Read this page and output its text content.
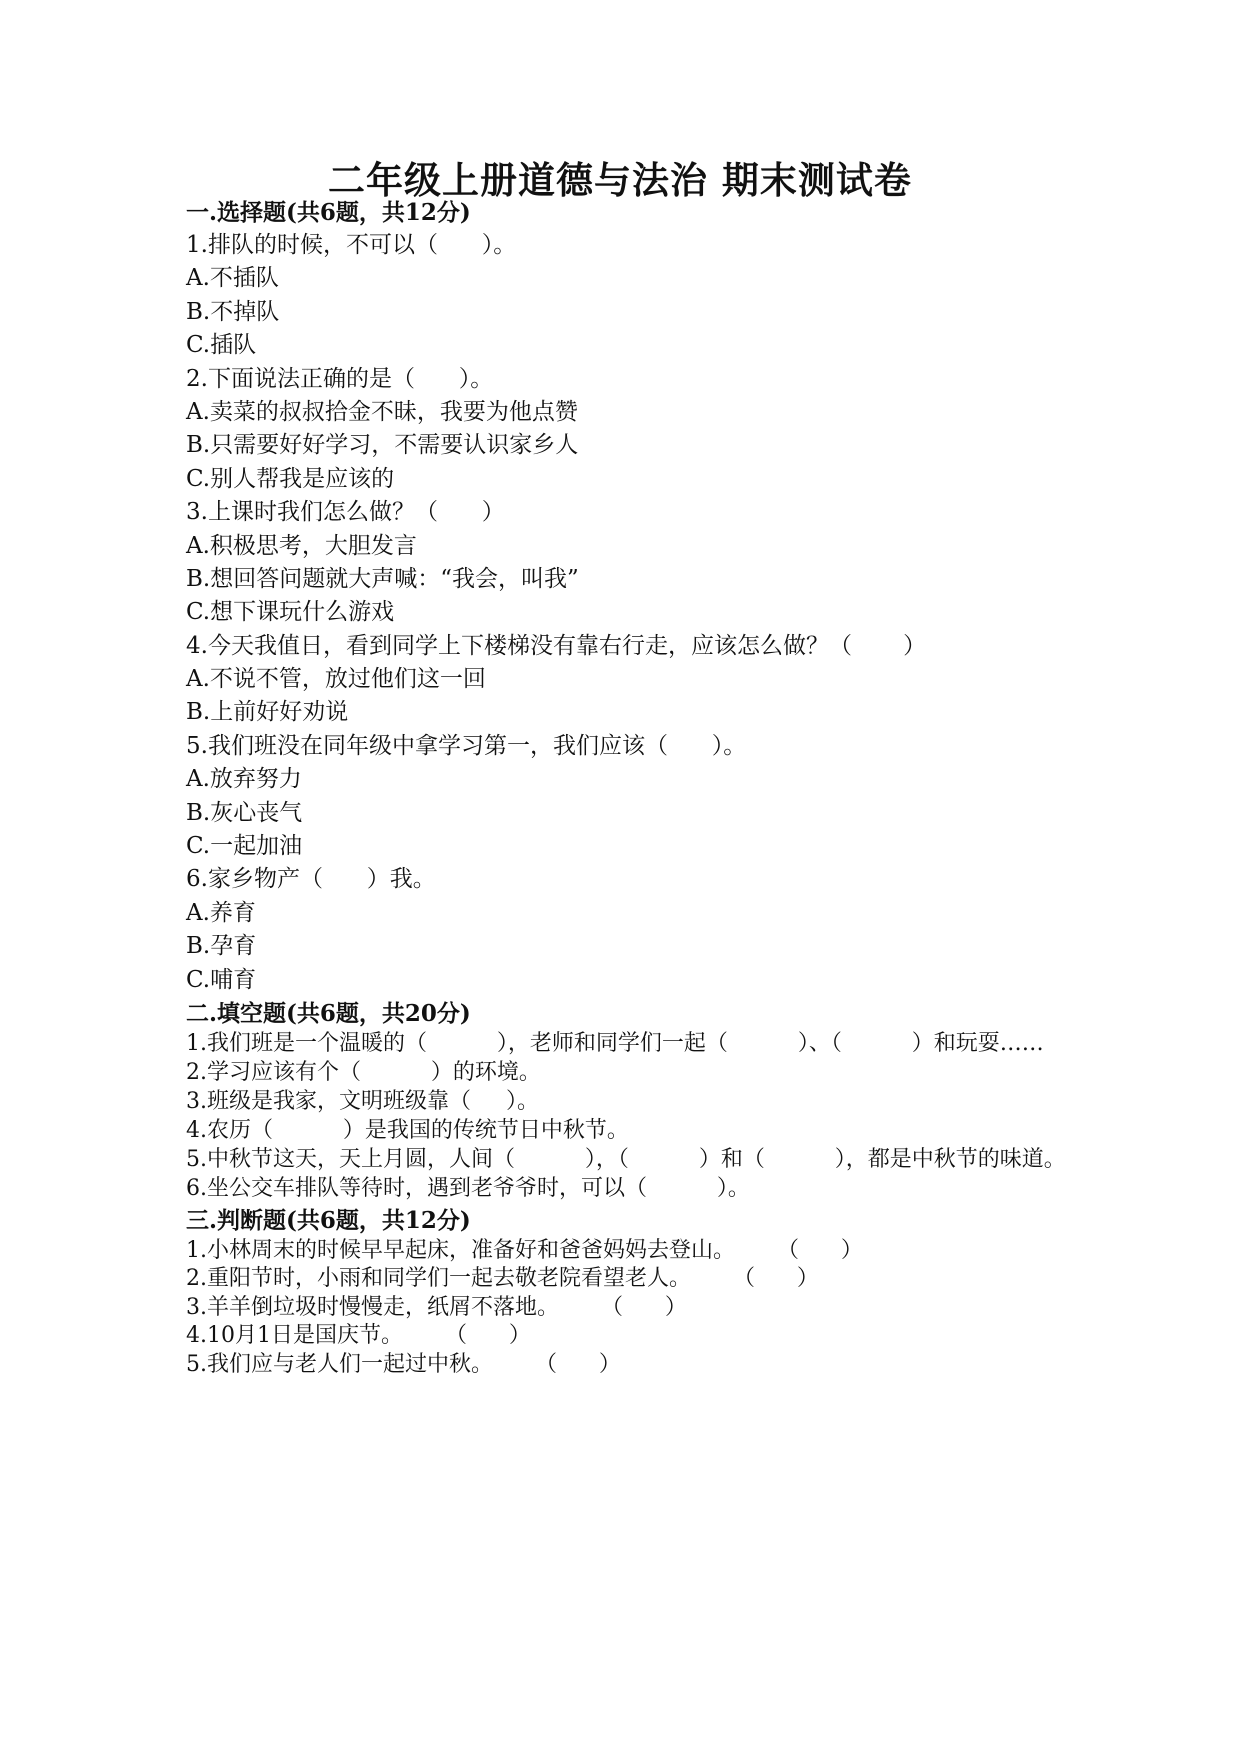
二年级上册道德与法治 期末测试卷
一.选择题(共6题，共12分)
1.排队的时候，不可以（      ）。
A.不插队
B.不掉队
C.插队
2.下面说法正确的是（      ）。
A.卖菜的叔叔拾金不昧，我要为他点赞
B.只需要好好学习，不需要认识家乡人
C.别人帮我是应该的
3.上课时我们怎么做？（      ）
A.积极思考，大胆发言
B.想回答问题就大声喊：“我会，叫我”
C.想下课玩什么游戏
4.今天我值日，看到同学上下楼梯没有靠右行走，应该怎么做？（       ）
A.不说不管，放过他们这一回
B.上前好好劝说
5.我们班没在同年级中拿学习第一，我们应该（      ）。
A.放弃努力
B.灰心丧气
C.一起加油
6.家乡物产（      ）我。
A.养育
B.孕育
C.哺育
二.填空题(共6题，共20分)
1.我们班是一个温暖的（          ），老师和同学们一起（          ）、（          ）和玩耍……
2.学习应该有个（          ）的环境。
3.班级是我家，文明班级靠（     ）。
4.农历（          ）是我国的传统节日中秋节。
5.中秋节这天，天上月圆，人间（          ），（          ）和（          ），都是中秋节的味道。
6.坐公交车排队等待时，遇到老爷爷时，可以（          ）。
三.判断题(共6题，共12分)
1.小林周末的时候早早起床，准备好和爸爸妈妈去登山。      （      ）
2.重阳节时，小雨和同学们一起去敬老院看望老人。      （      ）
3.羊羊倒垃圾时慢慢走，纸屑不落地。      （      ）
4.10月1日是国庆节。      （      ）
5.我们应与老人们一起过中秋。      （      ）
